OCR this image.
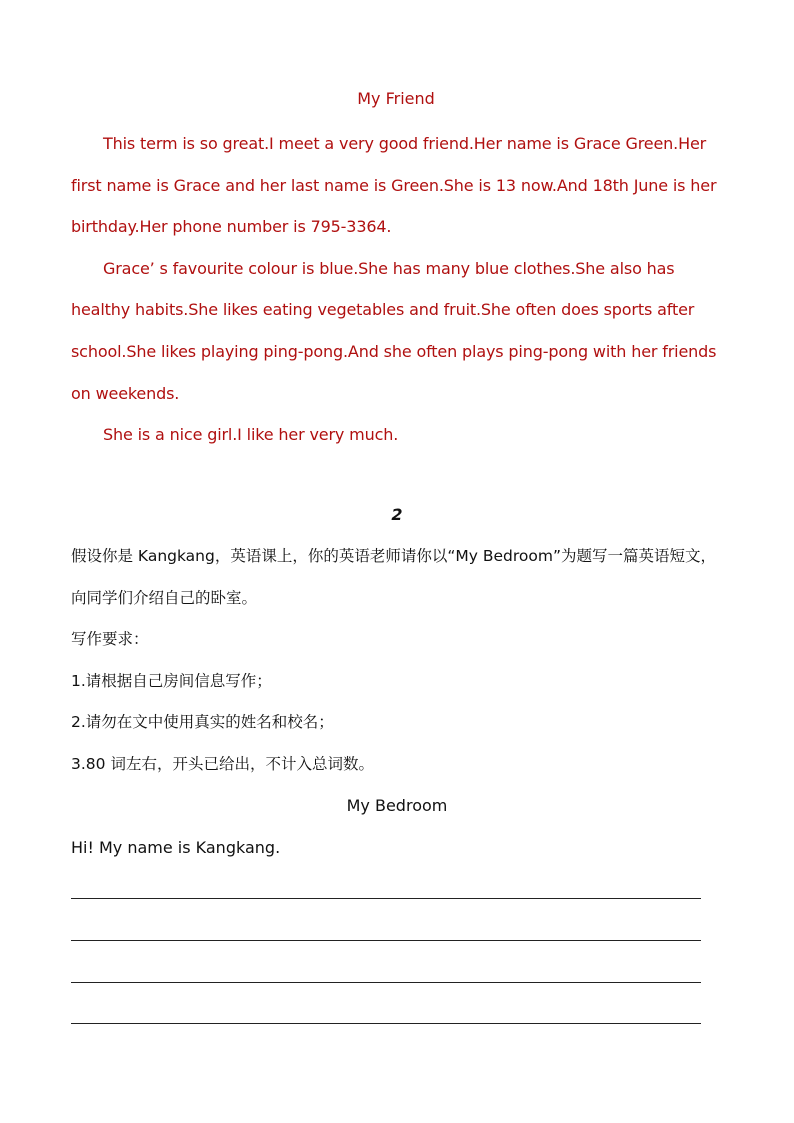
My Friend

This term is so great.I meet a very good friend.Her name is Grace Green.Her first name is Grace and her last name is Green.She is 13 now.And 18th June is her birthday.Her phone number is 795-3364.

Grace’ s favourite colour is blue.She has many blue clothes.She also has healthy habits.She likes eating vegetables and fruit.She often does sports after school.She likes playing ping-pong.And she often plays ping-pong with her friends on weekends.

She is a nice girl.I like her very much.

2

假设你是 Kangkang，英语课上，你的英语老师请你以“My Bedroom”为题写一篇英语短文， 向同学们介绍自己的卧室。

写作要求：

1.请根据自己房间信息写作；

2.请勿在文中使用真实的姓名和校名；

3.80 词左右，开头已给出，不计入总词数。

My Bedroom
Hi! My name is Kangkang.
